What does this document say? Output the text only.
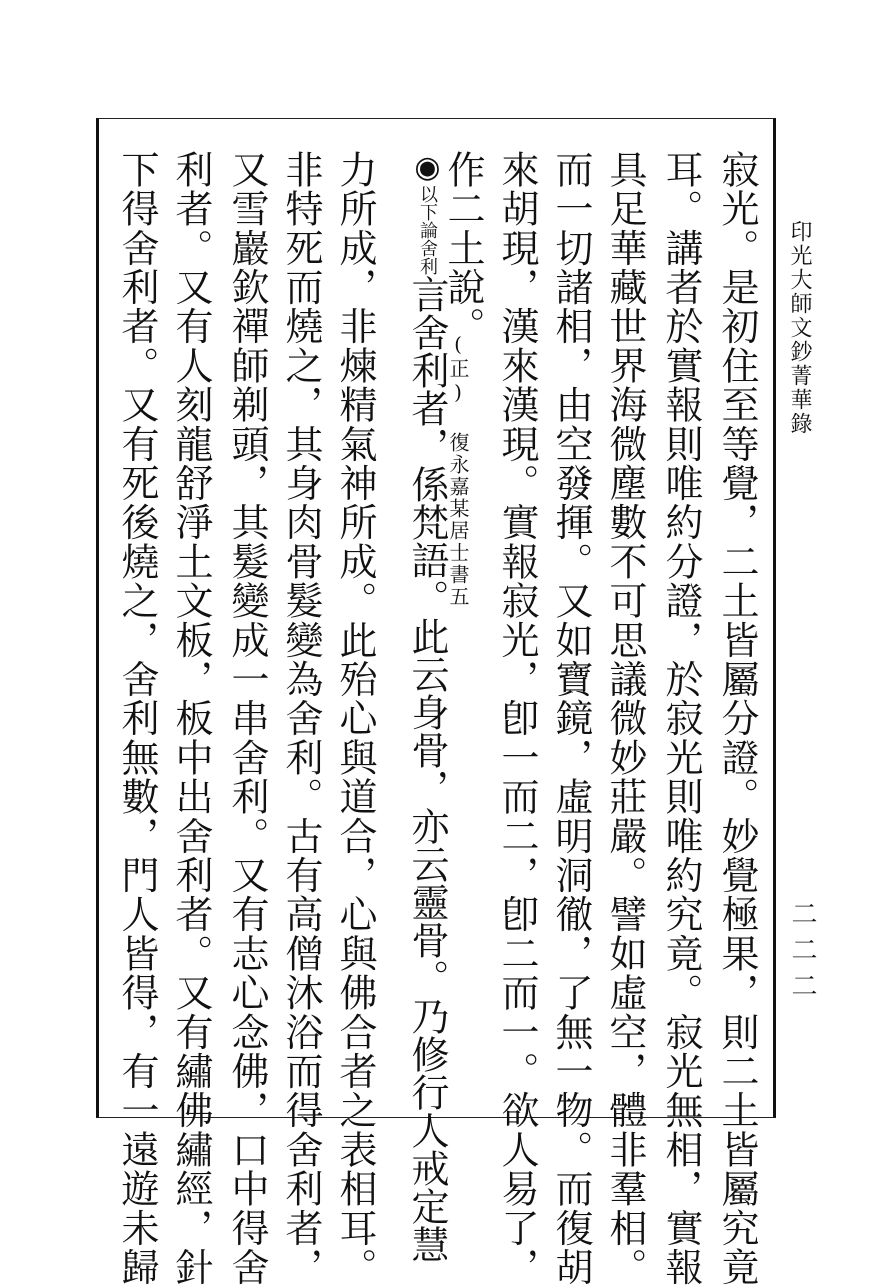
印光大師文鈔菁華錄
二二二
寂光。是初住至等覺，二土皆屬分證。妙覺極果，則二土皆屬究竟
耳。講者於實報則唯約分證，於寂光則唯約究竟。寂光無相，實報
具足華藏世界海微塵數不可思議微妙莊嚴。譬如虛空，體非羣相。
而一切諸相，由空發揮。又如寶鏡，虛明洞徹，了無一物。而復胡
來胡現，漢來漢現。實報寂光，卽一而二，卽二而一。欲人易了，
作二土說。
(正) 復永嘉某居士書五
◉以下論舍利言舍利者，係梵語。此云身骨，亦云靈骨。乃修行人戒定慧
力所成，非煉精氣神所成。此殆心與道合，心與佛合者之表相耳。
非特死而燒之，其身肉骨髮變為舍利。古有高僧沐浴而得舍利者，
又雪巖欽禪師剃頭，其髮變成一串舍利。又有志心念佛，口中得舍
利者。又有人刻龍舒淨土文板，板中出舍利者。又有繡佛繡經，針
下得舍利者。又有死後燒之，舍利無數，門人皆得，有一遠遊未歸
